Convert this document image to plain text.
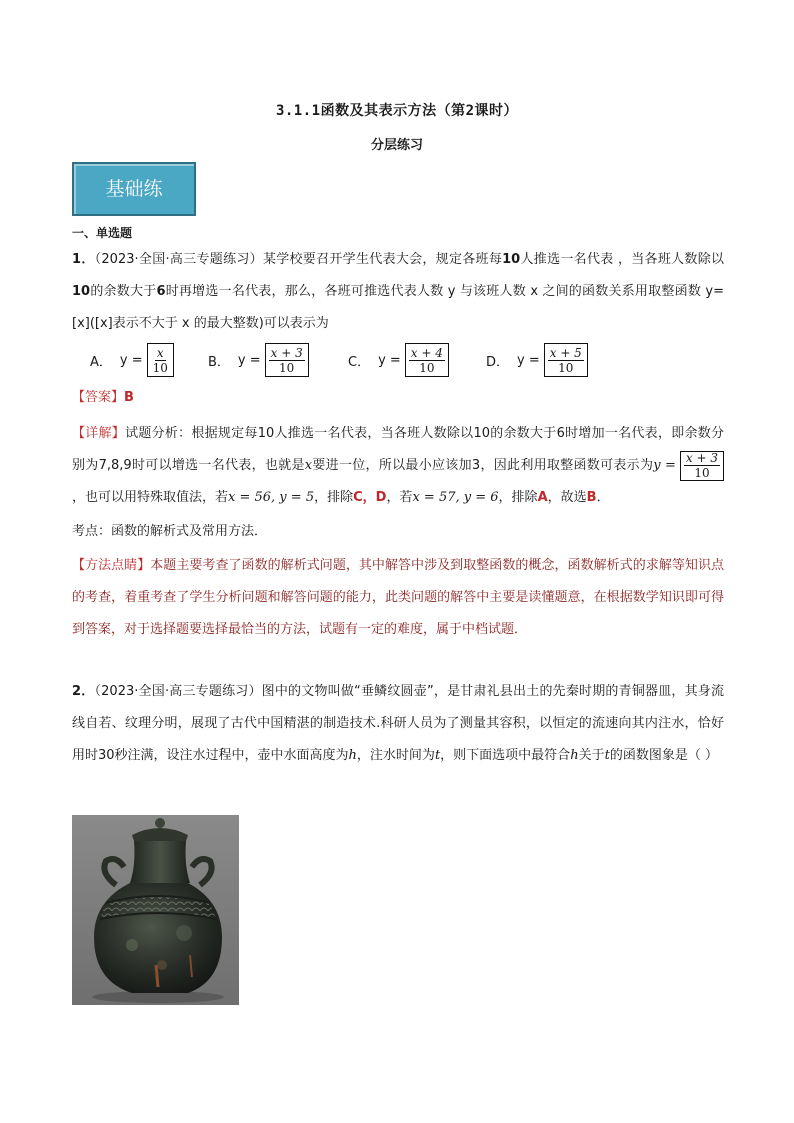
3.1.1函数及其表示方法（第2课时）
分层练习
基础练
一、单选题
1．（2023·全国·高三专题练习）某学校要召开学生代表大会，规定各班每10人推选一名代表 ，当各班人数除以10的余数大于6时再增选一名代表，那么，各班可推选代表人数 y 与该班人数 x 之间的函数关系用取整函数 y=[x]([x]表示不大于 x 的最大整数)可以表示为
A． $y = \frac{x}{10}$	B． $y = \frac{x + 3}{10}$	C． $y = \frac{x + 4}{10}$	D． $y = \frac{x + 5}{10}$
【答案】B
【详解】试题分析：根据规定每10人推选一名代表，当各班人数除以10的余数大于6时增加一名代表，即余数分别为7,8,9时可以增选一名代表，也就是x要进一位，所以最小应该加3，因此利用取整函数可表示为$y = \frac{x + 3}{10}$
，也可以用特殊取值法，若x = 56, y = 5，排除C，D，若x = 57, y = 6，排除A，故选B．
考点：函数的解析式及常用方法．
【方法点睛】本题主要考查了函数的解析式问题，其中解答中涉及到取整函数的概念，函数解析式的求解等知识点的考查，着重考查了学生分析问题和解答问题的能力，此类问题的解答中主要是读懂题意，在根据数学知识即可得到答案，对于选择题要选择最恰当的方法，试题有一定的难度，属于中档试题．
2．（2023·全国·高三专题练习）图中的文物叫做“垂鳞纹圆壶”，是甘肃礼县出土的先秦时期的青铜器皿，其身流线自若、纹理分明，展现了古代中国精湛的制造技术.科研人员为了测量其容积，以恒定的流速向其内注水，恰好用时30秒注满，设注水过程中，壶中水面高度为h，注水时间为t，则下面选项中最符合h关于t的函数图象是（ ）
